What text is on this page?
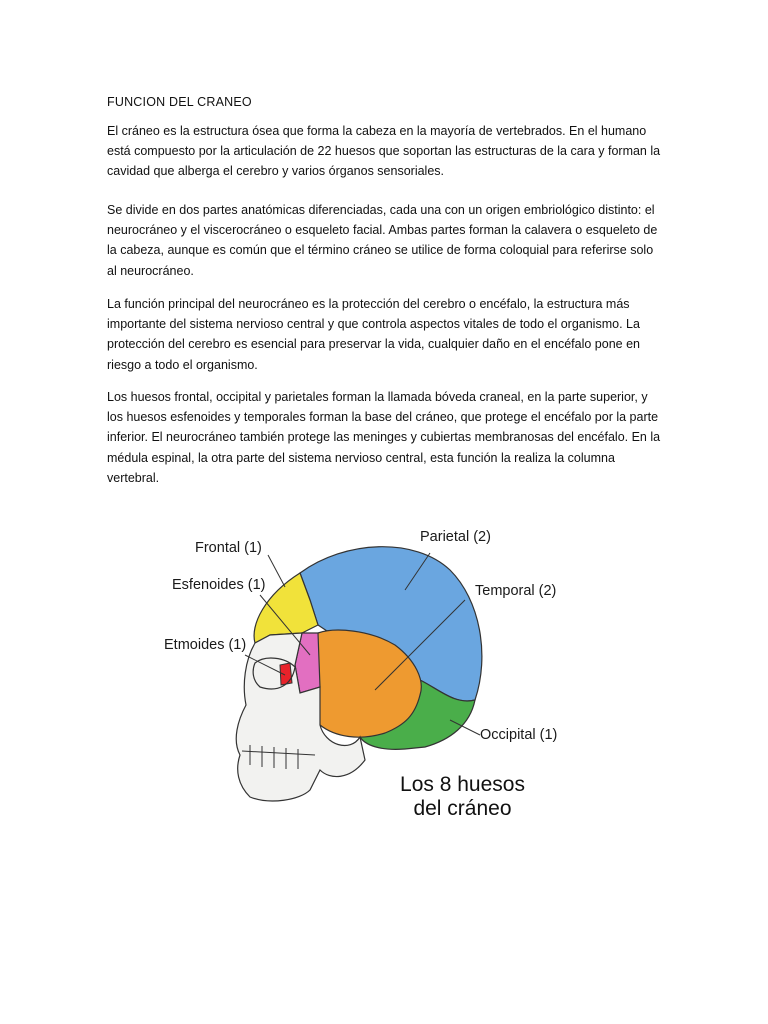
FUNCION DEL CRANEO

El cráneo es la estructura ósea que forma la cabeza en la mayoría de vertebrados. En el humano está compuesto por la articulación de 22 huesos que soportan las estructuras de la cara y forman la cavidad que alberga el cerebro y varios órganos sensoriales.

Se divide en dos partes anatómicas diferenciadas, cada una con un origen embriológico distinto: el neurocráneo y el viscerocráneo o esqueleto facial. Ambas partes forman la calavera o esqueleto de la cabeza, aunque es común que el término cráneo se utilice de forma coloquial para referirse solo al neurocráneo.

La función principal del neurocráneo es la protección del cerebro o encéfalo, la estructura más importante del sistema nervioso central y que controla aspectos vitales de todo el organismo. La protección del cerebro es esencial para preservar la vida, cualquier daño en el encéfalo pone en riesgo a todo el organismo.

Los huesos frontal, occipital y parietales forman la llamada bóveda craneal, en la parte superior, y los huesos esfenoides y temporales forman la base del cráneo, que protege el encéfalo por la parte inferior. El neurocráneo también protege las meninges y cubiertas membranosas del encéfalo. En la médula espinal, la otra parte del sistema nervioso central, esta función la realiza la columna vertebral.

Frontal (1)
Parietal (2)
Esfenoides (1)	Temporal (2)
Etmoides (1)
Occipital (1)
Los 8 huesos
del cráneo
